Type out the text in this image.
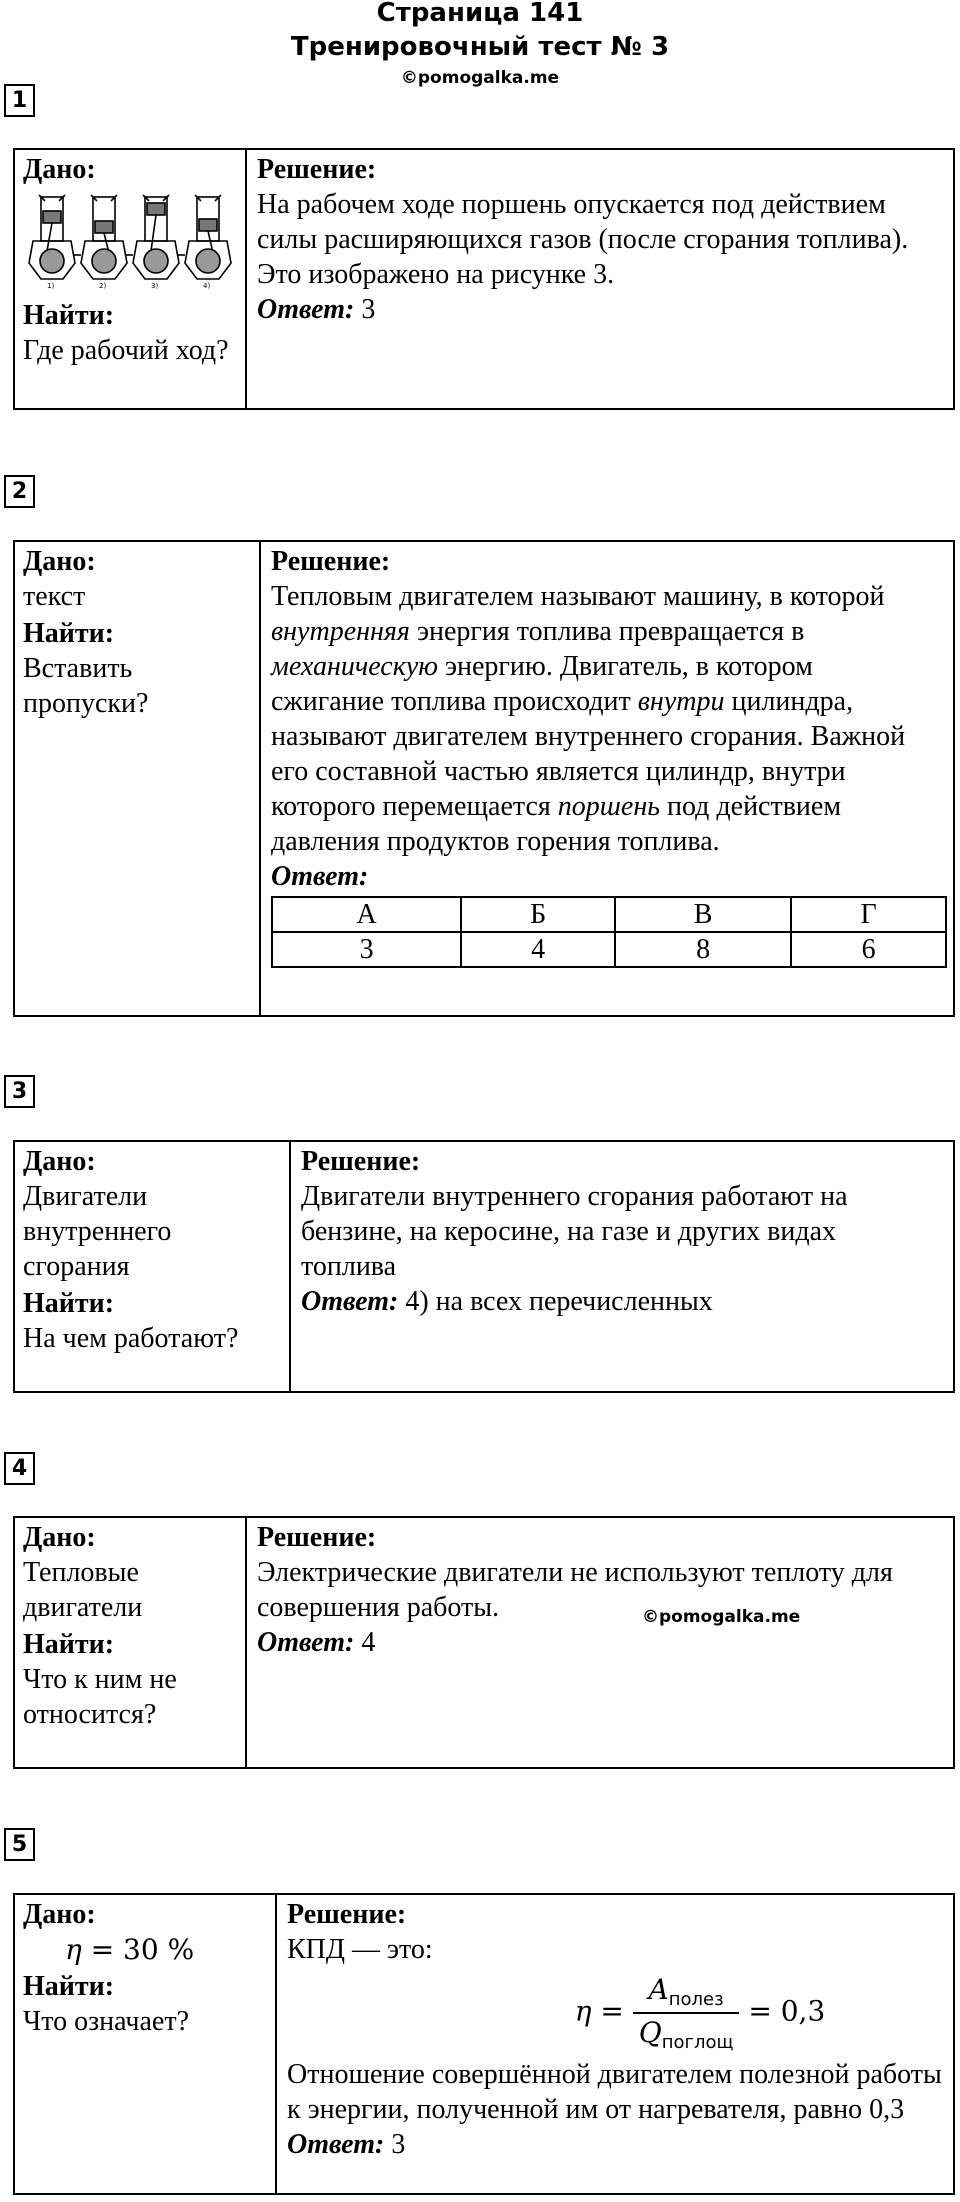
Страница 141
Тренировочный тест № 3
©pomogalka.me
1
Дано:
1)	2)	3)	4)
Найти:
Где рабочий ход?
Решение:
На рабочем ходе поршень опускается под действием силы расширяющихся газов (после сгорания топлива). Это изображено на рисунке 3.
Ответ: 3
2
Дано:
текст
Найти:
Вставить пропуски?
Решение:
Тепловым двигателем называют машину, в которой внутренняя энергия топлива превращается в механическую энергию. Двигатель, в котором сжигание топлива происходит внутри цилиндра, называют двигателем внутреннего сгорания. Важной его составной частью является цилиндр, внутри которого перемещается поршень под действием давления продуктов горения топлива.
Ответ:
А	Б	В	Г
3	4	8	6
3
Дано:
Двигатели внутреннего сгорания
Найти:
На чем работают?
Решение:
Двигатели внутреннего сгорания работают на бензине, на керосине, на газе и других видах топлива
Ответ: 4) на всех перечисленных
4
Дано:
Тепловые двигатели
Найти:
Что к ним не относится?
Решение:
Электрические двигатели не используют теплоту для совершения работы.
Ответ: 4
©pomogalka.me
5
Дано:
η = 30 %
Найти:
Что означает?
Решение:
КПД — это:
$\eta = \frac{A_{полез}}{Q_{поглощ}} = 0,3$
Отношение совершённой двигателем полезной работы к энергии, полученной им от нагревателя, равно 0,3
Ответ: 3
